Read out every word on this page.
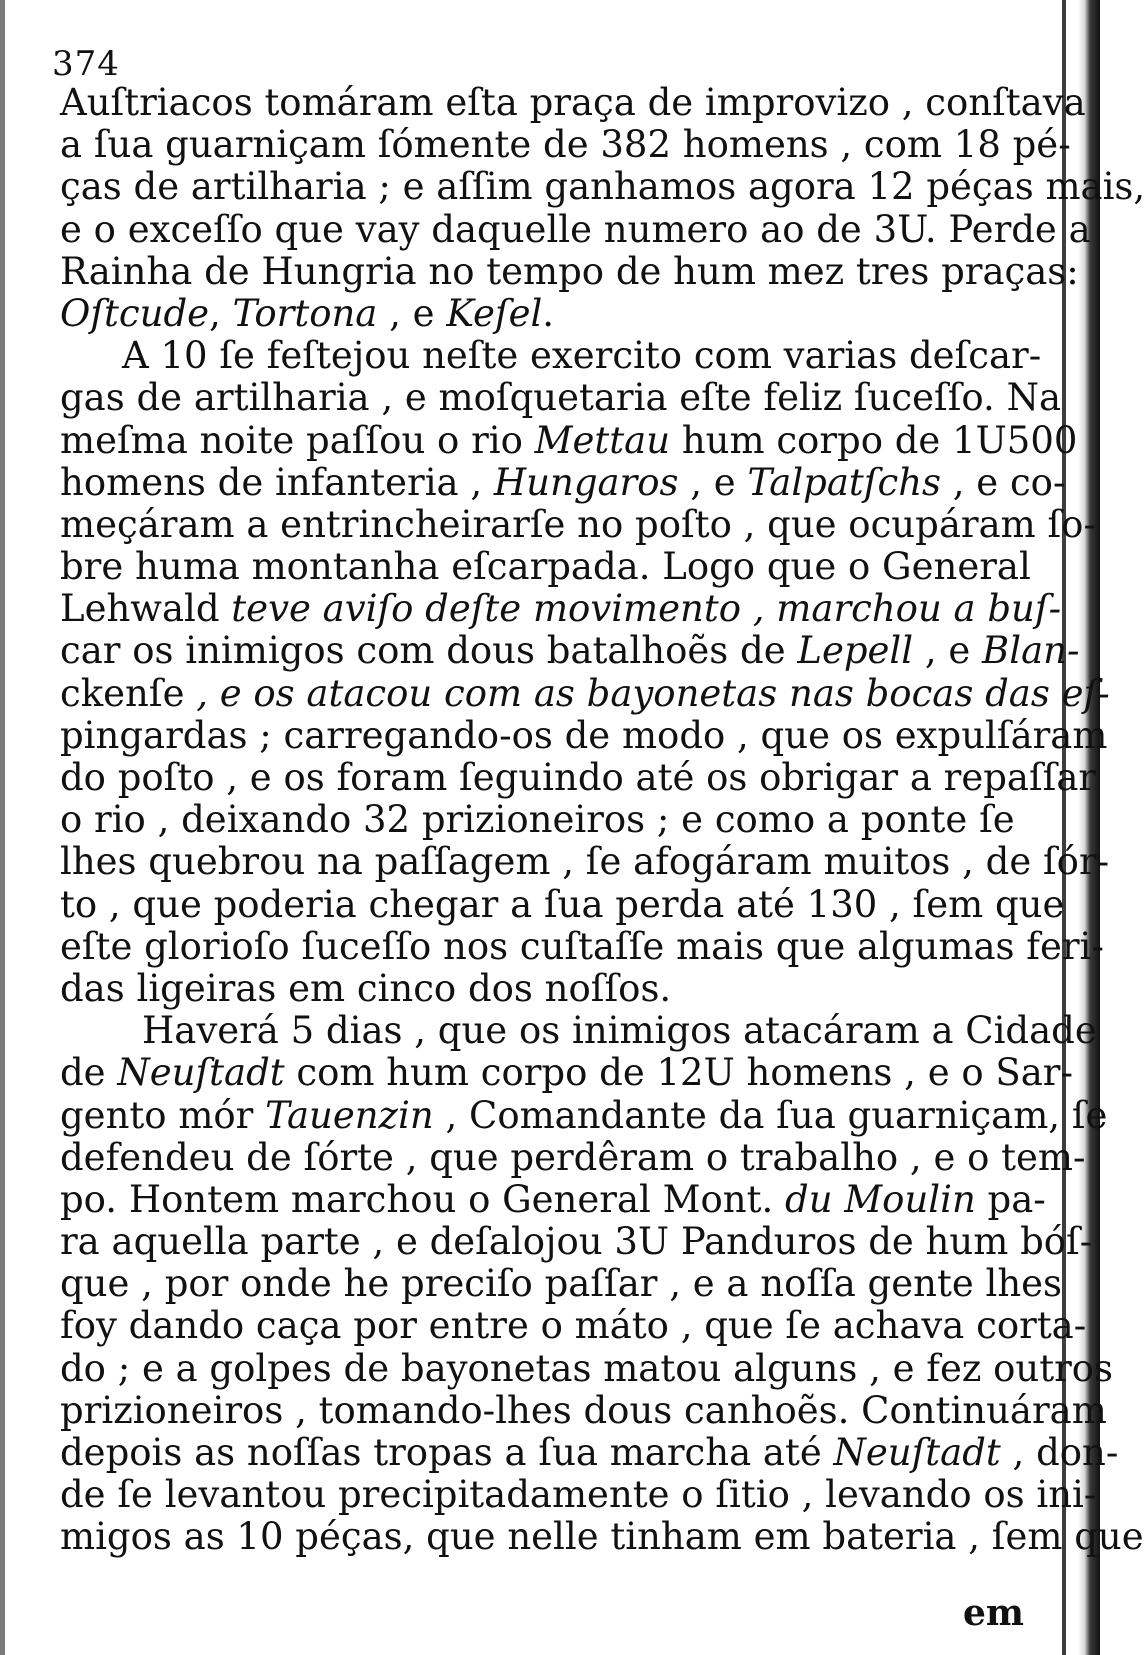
374
Auſtriacos tomáram eſta praça de improvizo , conſtava
a ſua guarniçam ſómente de 382 homens , com 18 pé-
ças de artilharia ; e aſſim ganhamos agora 12 péças mais,
e o exceſſo que vay daquelle numero ao de 3U. Perde a
Rainha de Hungria no tempo de hum mez tres praças:
Oſtcude, Tortona , e Keſel.
A 10 ſe feſtejou neſte exercito com varias deſcar-
gas de artilharia , e moſquetaria eſte feliz ſuceſſo. Na
meſma noite paſſou o rio Mettau hum corpo de 1U500
homens de infanteria , Hungaros , e Talpatſchs , e co-
meçáram a entrincheirarſe no poſto , que ocupáram ſo-
bre huma montanha eſcarpada. Logo que o General
Lehwald teve aviſo deſte movimento , marchou a buſ-
car os inimigos com dous batalhoẽs de Lepell , e Blan-
ckenſe , e os atacou com as bayonetas nas bocas das eſ-
pingardas ; carregando-os de modo , que os expulſáram
do poſto , e os foram ſeguindo até os obrigar a repaſſar
o rio , deixando 32 prizioneiros ; e como a ponte ſe
lhes quebrou na paſſagem , ſe afogáram muitos , de ſór-
to , que poderia chegar a ſua perda até 130 , ſem que
eſte glorioſo ſuceſſo nos cuſtaſſe mais que algumas feri-
das ligeiras em cinco dos noſſos.
Haverá 5 dias , que os inimigos atacáram a Cidade
de Neuſtadt com hum corpo de 12U homens , e o Sar-
gento mór Tauenzin , Comandante da ſua guarniçam, ſe
defendeu de ſórte , que perdêram o trabalho , e o tem-
po. Hontem marchou o General Mont. du Moulin pa-
ra aquella parte , e deſalojou 3U Panduros de hum bóſ-
que , por onde he preciſo paſſar , e a noſſa gente lhes
foy dando caça por entre o máto , que ſe achava corta-
do ; e a golpes de bayonetas matou alguns , e fez outros
prizioneiros , tomando-lhes dous canhoẽs. Continuáram
depois as noſſas tropas a ſua marcha até Neuſtadt , don-
de ſe levantou precipitadamente o ſitio , levando os ini-
migos as 10 péças, que nelle tinham em bateria , ſem que
em
